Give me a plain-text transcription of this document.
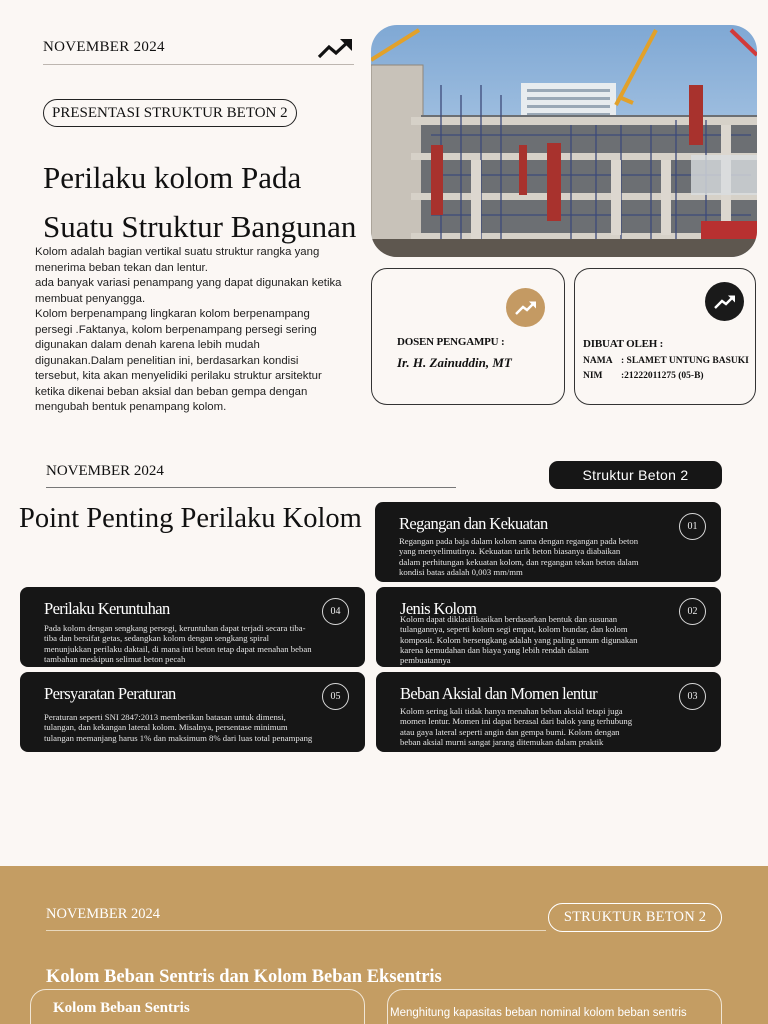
NOVEMBER 2024
PRESENTASI STRUKTUR BETON 2
Perilaku kolom Pada
Suatu Struktur Bangunan
Kolom adalah bagian vertikal suatu struktur rangka yang
menerima beban tekan dan lentur.
ada banyak variasi penampang yang dapat digunakan ketika
membuat penyangga.
Kolom berpenampang lingkaran kolom berpenampang
persegi .Faktanya, kolom berpenampang persegi sering
digunakan dalam denah karena lebih mudah
digunakan.Dalam penelitian ini, berdasarkan kondisi
tersebut, kita akan menyelidiki perilaku struktur arsitektur
ketika dikenai beban aksial dan beban gempa dengan
mengubah bentuk penampang kolom.
DOSEN PENGAMPU :
Ir. H. Zainuddin, MT
DIBUAT OLEH :
NAMA : SLAMET UNTUNG BASUKI
NIM :21222011275 (05-B)
NOVEMBER 2024	Struktur Beton 2
Point Penting Perilaku Kolom Regangan dan Kekuatan
Regangan pada baja dalam kolom sama dengan regangan pada beton
yang menyelimutinya. Kekuatan tarik beton biasanya diabaikan
dalam perhitungan kekuatan kolom, dan regangan tekan beton dalam
kondisi batas adalah 0,003 mm/mm
01
Jenis Kolom
Kolom dapat diklasifikasikan berdasarkan bentuk dan susunan
tulangannya, seperti kolom segi empat, kolom bundar, dan kolom
komposit. Kolom bersengkang adalah yang paling umum digunakan
karena kemudahan dan biaya yang lebih rendah dalam
pembuatannya
02
Beban Aksial dan Momen lentur
Kolom sering kali tidak hanya menahan beban aksial tetapi juga
momen lentur. Momen ini dapat berasal dari balok yang terhubung
atau gaya lateral seperti angin dan gempa bumi. Kolom dengan
beban aksial murni sangat jarang ditemukan dalam praktik
03
Perilaku Keruntuhan
Pada kolom dengan sengkang persegi, keruntuhan dapat terjadi secara tiba-
tiba dan bersifat getas, sedangkan kolom dengan sengkang spiral
menunjukkan perilaku daktail, di mana inti beton tetap dapat menahan beban
tambahan meskipun selimut beton pecah
04
Persyaratan Peraturan
Peraturan seperti SNI 2847:2013 memberikan batasan untuk dimensi,
tulangan, dan kekangan lateral kolom. Misalnya, persentase minimum
tulangan memanjang harus 1% dan maksimum 8% dari luas total penampang
05
NOVEMBER 2024	STRUKTUR BETON 2
Kolom Beban Sentris dan Kolom Beban Eksentris
Kolom Beban Sentris	Menghitung kapasitas beban nominal kolom beban sentris
